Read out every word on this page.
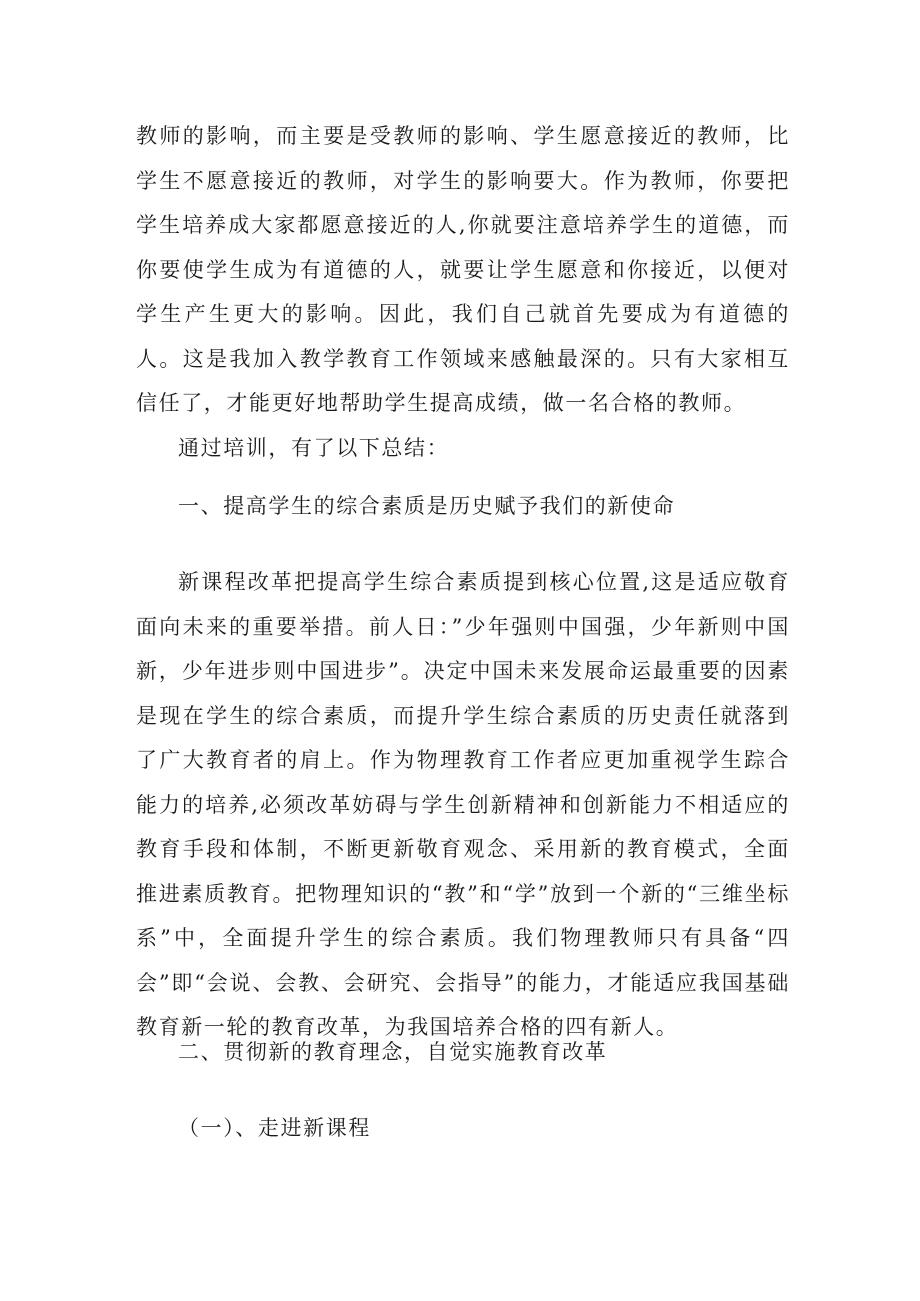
教师的影响，而主要是受教师的影响、学生愿意接近的教师，比学生不愿意接近的教师，对学生的影响要大。作为教师，你要把学生培养成大家都愿意接近的人,你就要注意培养学生的道德，而你要使学生成为有道德的人，就要让学生愿意和你接近，以便对学生产生更大的影响。因此，我们自己就首先要成为有道德的人。这是我加入教学教育工作领域来感触最深的。只有大家相互信任了，才能更好地帮助学生提高成绩，做一名合格的教师。

通过培训，有了以下总结：

一、提高学生的综合素质是历史赋予我们的新使命

新课程改革把提高学生综合素质提到核心位置,这是适应敬育面向未来的重要举措。前人日：”少年强则中国强，少年新则中国新，少年进步则中国进步”。决定中国未来发展命运最重要的因素是现在学生的综合素质，而提升学生综合素质的历史责任就落到了广大教育者的肩上。作为物理教育工作者应更加重视学生踪合能力的培养,必须改革妨碍与学生创新精神和创新能力不相适应的教育手段和体制，不断更新敬育观念、采用新的教育模式，全面推进素质教育。把物理知识的“教”和“学”放到一个新的“三维坐标系”中，全面提升学生的综合素质。我们物理教师只有具备“四会”即“会说、会教、会研究、会指导”的能力，才能适应我国基础教育新一轮的教育改革，为我国培养合格的四有新人。

二、贯彻新的教育理念，自觉实施教育改革

（一）、走进新课程
